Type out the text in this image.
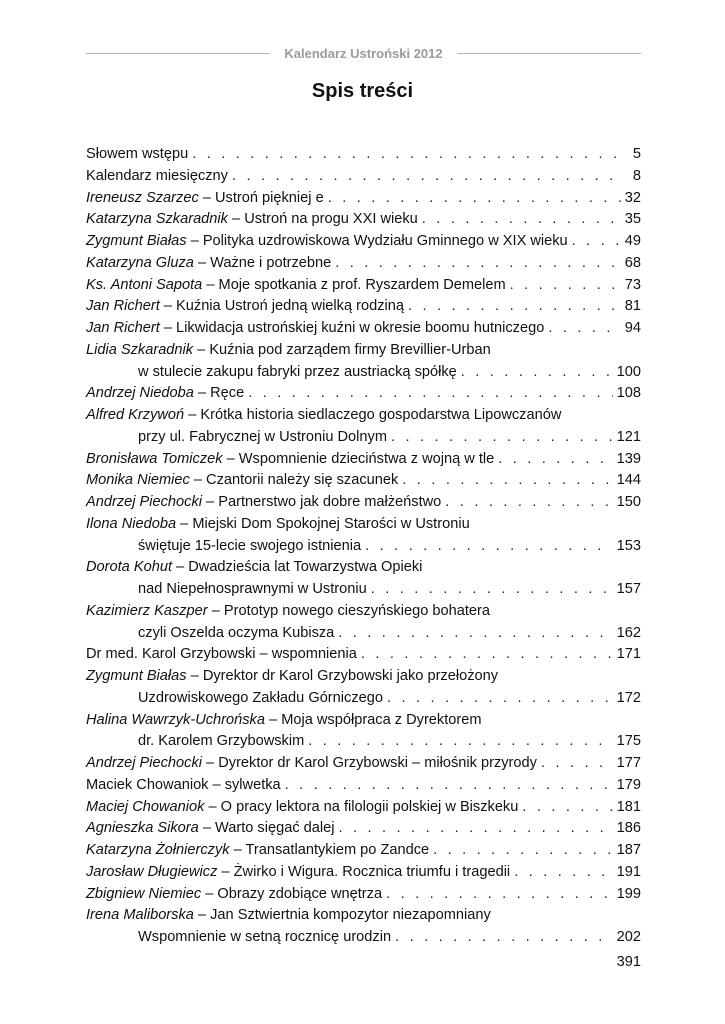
Kalendarz Ustroński 2012
Spis treści
Słowem wstępu . . .	5
Kalendarz miesięczny . . .	8
Ireneusz Szarzec – Ustroń piękniej e . . .	32
Katarzyna Szkaradnik – Ustroń na progu XXI wieku . . .	35
Zygmunt Białas – Polityka uzdrowiskowa Wydziału Gminnego w XIX wieku . . .	49
Katarzyna Gluza – Ważne i potrzebne . . .	68
Ks. Antoni Sapota – Moje spotkania z prof. Ryszardem Demelem . . .	73
Jan Richert – Kuźnia Ustroń jedną wielką rodziną . . .	81
Jan Richert – Likwidacja ustrońskiej kuźni w okresie boomu hutniczego . . .	94
Lidia Szkaradnik – Kuźnia pod zarządem firmy Brevillier-Urban
w stulecie zakupu fabryki przez austriacką spółkę . . .	100
Andrzej Niedoba – Ręce . . .	108
Alfred Krzywoń – Krótka historia siedlaczego gospodarstwa Lipowczanów
przy ul. Fabrycznej w Ustroniu Dolnym . . .	121
Bronisława Tomiczek – Wspomnienie dzieciństwa z wojną w tle . . .	139
Monika Niemiec – Czantorii należy się szacunek . . .	144
Andrzej Piechocki – Partnerstwo jak dobre małżeństwo . . .	150
Ilona Niedoba – Miejski Dom Spokojnej Starości w Ustroniu
świętuje 15-lecie swojego istnienia . . .	153
Dorota Kohut – Dwadzieścia lat Towarzystwa Opieki
nad Niepełnosprawnymi w Ustroniu . . .	157
Kazimierz Kaszper – Prototyp nowego cieszyńskiego bohatera
czyli Oszelda oczyma Kubisza . . .	162
Dr med. Karol Grzybowski – wspomnienia . . .	171
Zygmunt Białas – Dyrektor dr Karol Grzybowski jako przełożony
Uzdrowiskowego Zakładu Górniczego . . .	172
Halina Wawrzyk-Uchrońska – Moja współpraca z Dyrektorem
dr. Karolem Grzybowskim . . .	175
Andrzej Piechocki – Dyrektor dr Karol Grzybowski – miłośnik przyrody . . .	177
Maciek Chowaniok – sylwetka . . .	179
Maciej Chowaniok – O pracy lektora na filologii polskiej w Biszkeku . . .	181
Agnieszka Sikora – Warto sięgać dalej . . .	186
Katarzyna Żołnierczyk – Transatlantykiem po Zandce . . .	187
Jarosław Długiewicz – Żwirko i Wigura. Rocznica triumfu i tragedii . . .	191
Zbigniew Niemiec – Obrazy zdobiące wnętrza . . .	199
Irena Maliborska – Jan Sztwiertnia kompozytor niezapomniany
Wspomnienie w setną rocznicę urodzin . . .	202
391
